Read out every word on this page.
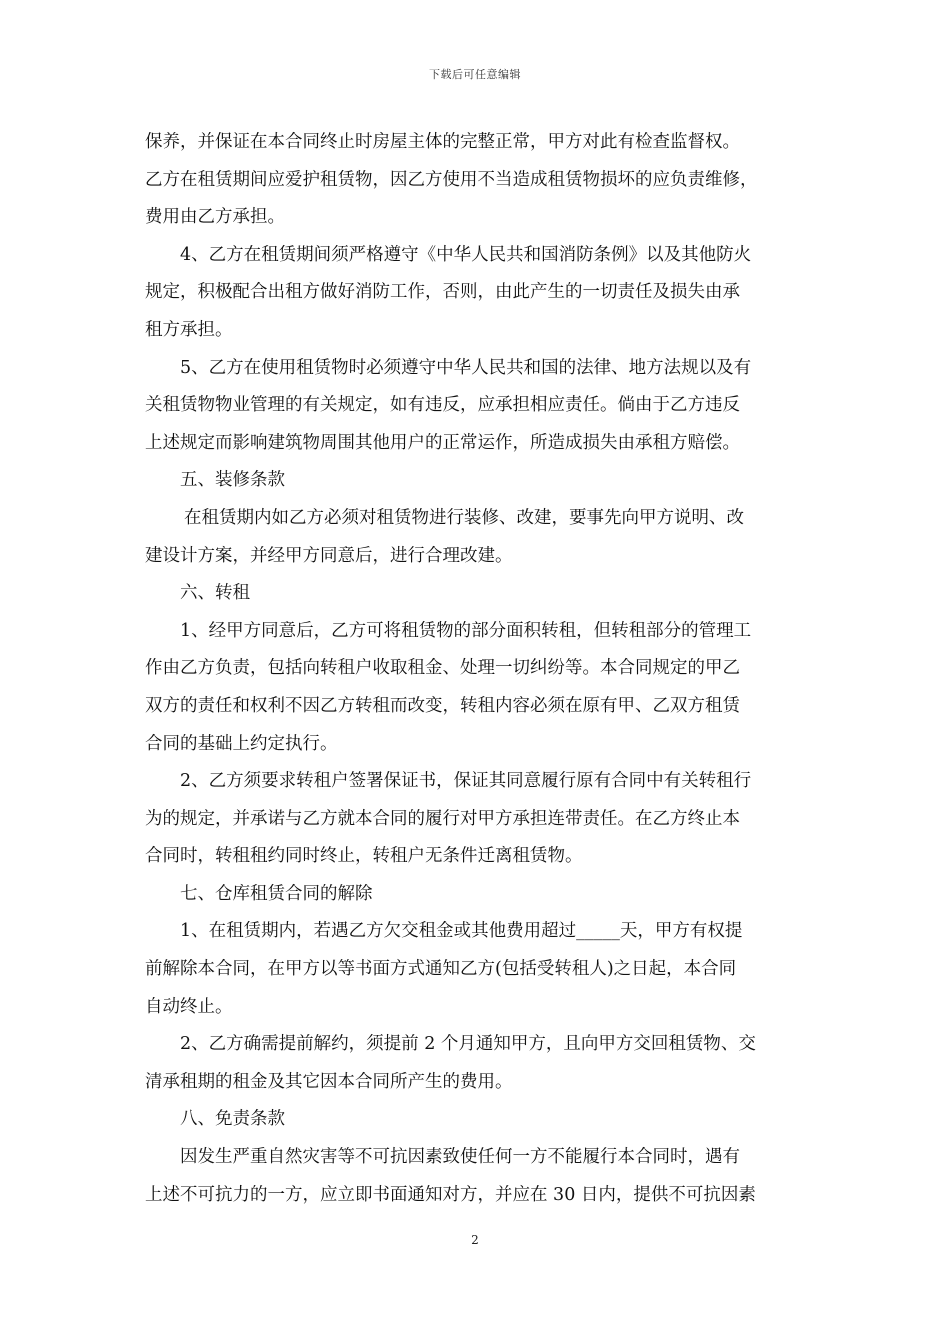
下载后可任意编辑
保养，并保证在本合同终止时房屋主体的完整正常，甲方对此有检查监督权。
乙方在租赁期间应爱护租赁物，因乙方使用不当造成租赁物损坏的应负责维修，
费用由乙方承担。
4、乙方在租赁期间须严格遵守《中华人民共和国消防条例》以及其他防火
规定，积极配合出租方做好消防工作，否则，由此产生的一切责任及损失由承
租方承担。
5、乙方在使用租赁物时必须遵守中华人民共和国的法律、地方法规以及有
关租赁物物业管理的有关规定，如有违反，应承担相应责任。倘由于乙方违反
上述规定而影响建筑物周围其他用户的正常运作，所造成损失由承租方赔偿。
五、装修条款
在租赁期内如乙方必须对租赁物进行装修、改建，要事先向甲方说明、改
建设计方案，并经甲方同意后，进行合理改建。
六、转租
1、经甲方同意后，乙方可将租赁物的部分面积转租，但转租部分的管理工
作由乙方负责，包括向转租户收取租金、处理一切纠纷等。本合同规定的甲乙
双方的责任和权利不因乙方转租而改变，转租内容必须在原有甲、乙双方租赁
合同的基础上约定执行。
2、乙方须要求转租户签署保证书，保证其同意履行原有合同中有关转租行
为的规定，并承诺与乙方就本合同的履行对甲方承担连带责任。在乙方终止本
合同时，转租租约同时终止，转租户无条件迁离租赁物。
七、仓库租赁合同的解除
1、在租赁期内，若遇乙方欠交租金或其他费用超过_____天，甲方有权提
前解除本合同，在甲方以等书面方式通知乙方(包括受转租人)之日起，本合同
自动终止。
2、乙方确需提前解约，须提前 2 个月通知甲方，且向甲方交回租赁物、交
清承租期的租金及其它因本合同所产生的费用。
八、免责条款
因发生严重自然灾害等不可抗因素致使任何一方不能履行本合同时，遇有
上述不可抗力的一方，应立即书面通知对方，并应在 30 日内，提供不可抗因素
2
